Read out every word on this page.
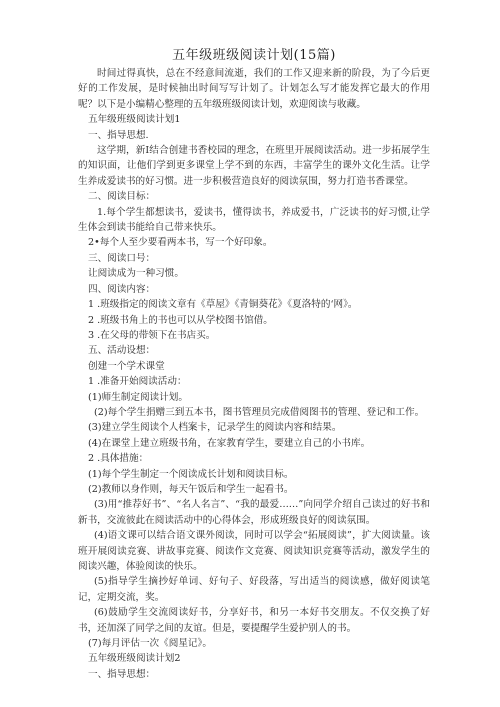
五年级班级阅读计划(15篇)

时间过得真快，总在不经意间流逝，我们的工作又迎来新的阶段，为了今后更好的工作发展，是时候抽出时间写写计划了。计划怎么写才能发挥它最大的作用呢？以下是小编精心整理的五年级班级阅读计划，欢迎阅读与收藏。

五年级班级阅读计划1

一、指导思想.

这学期，新I结合创建书香校园的理念，在班里开展阅读活动。进一步拓展学生的知识面，让他们学到更多课堂上学不到的东西，丰富学生的课外文化生活。让学生养成爱读书的好习惯。进一步积极营造良好的阅读氛围，努力打造书香课堂。

二、阅读目标：

1.每个学生都想读书，爱读书，懂得读书，养成爱书，广泛读书的好习惯,让学生体会到读书能给自己带来快乐。

2•每个人至少要看两本书，写一个好印象。

三、阅读口号：

让阅读成为一种习惯。

四、阅读内容：

1 .班级指定的阅读文章有《草屋》《青铜葵花》《夏洛特的‘网》。

2 .班级书角上的书也可以从学校图书馆借。

3 .在父母的带领下在书店买。

五、活动设想：

创建一个学术课堂

1 .准备开始阅读活动：

(1)师生制定阅读计划。

(2)每个学生捐赠三到五本书，图书管理员完成借阅图书的管理、登记和工作。

(3)建立学生阅读个人档案卡，记录学生的阅读内容和结果。

(4)在课堂上建立班级书角，在家教育学生，要建立自己的小书库。

2 .具体措施：

(1)每个学生制定一个阅读成长计划和阅读目标。

(2)教师以身作则，每天午饭后和学生一起看书。

(3)用“推荐好书”、“名人名言”、“我的最爱……”向同学介绍自己读过的好书和新书，交流彼此在阅读活动中的心得体会，形成班级良好的阅读氛围。

(4)语文课可以结合语文课外阅读，同时可以学会“拓展阅读”，扩大阅读量。该班开展阅读竞赛、讲故事竞赛、阅读作文竞赛、阅读知识竞赛等活动，激发学生的阅读兴趣，体验阅读的快乐。

(5)指导学生摘抄好单词、好句子、好段落，写出适当的阅读感，做好阅读笔记，定期交流，奖。

(6)鼓励学生交流阅读好书，分享好书，和另一本好书交朋友。不仅交换了好书，还加深了同学之间的友谊。但是，要提醒学生爱护别人的书。

(7)每月评估一次《阅星记》。

五年级班级阅读计划2

一、指导思想：
